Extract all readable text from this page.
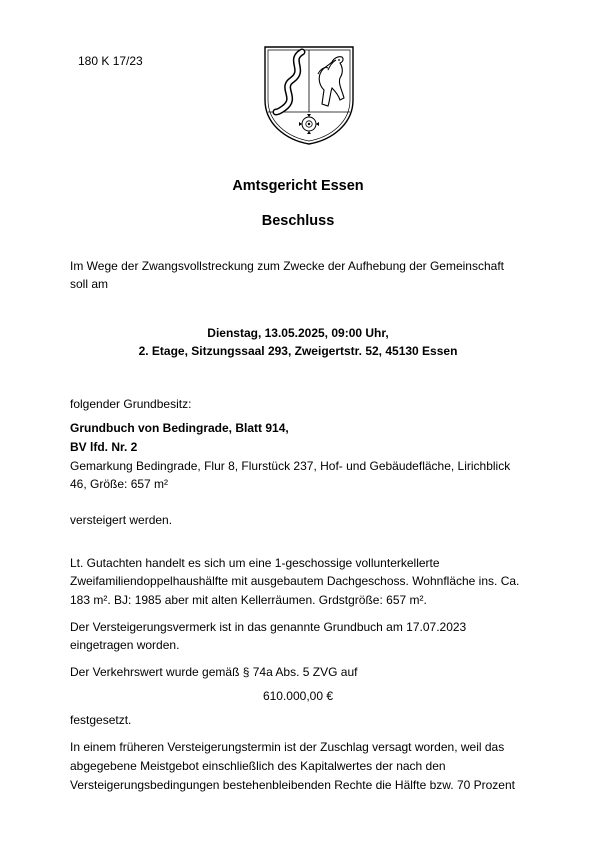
180 K 17/23
Amtsgericht Essen
Beschluss
Im Wege der Zwangsvollstreckung zum Zwecke der Aufhebung der Gemeinschaft
soll am
Dienstag, 13.05.2025, 09:00 Uhr,
2. Etage, Sitzungssaal 293, Zweigertstr. 52, 45130 Essen
folgender Grundbesitz:
Grundbuch von Bedingrade, Blatt 914,
BV lfd. Nr. 2
Gemarkung Bedingrade, Flur 8, Flurstück 237, Hof- und Gebäudefläche, Lirichblick
46, Größe: 657 m²
versteigert werden.
Lt. Gutachten handelt es sich um eine 1-geschossige vollunterkellerte
Zweifamiliendoppelhaushälfte mit ausgebautem Dachgeschoss. Wohnfläche ins. Ca.
183 m². BJ: 1985 aber mit alten Kellerräumen. Grdstgröße: 657 m².
Der Versteigerungsvermerk ist in das genannte Grundbuch am 17.07.2023
eingetragen worden.
Der Verkehrswert wurde gemäß § 74a Abs. 5 ZVG auf
610.000,00 €
festgesetzt.
In einem früheren Versteigerungstermin ist der Zuschlag versagt worden, weil das
abgegebene Meistgebot einschließlich des Kapitalwertes der nach den
Versteigerungsbedingungen bestehenbleibenden Rechte die Hälfte bzw. 70 Prozent
